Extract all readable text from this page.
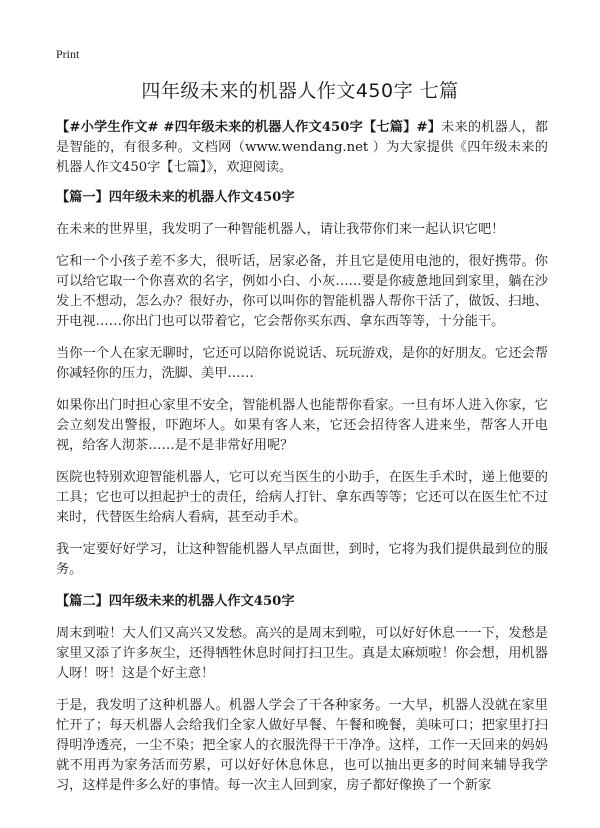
Print
四年级未来的机器人作文450字 七篇

【#小学生作文# #四年级未来的机器人作文450字【七篇】#】未来的机器人，都是智能的，有很多种。文档网（www.wendang.net ）为大家提供《四年级未来的机器人作文450字【七篇】》，欢迎阅读。

【篇一】四年级未来的机器人作文450字

在未来的世界里，我发明了一种智能机器人，请让我带你们来一起认识它吧！

它和一个小孩子差不多大，很听话，居家必备，并且它是使用电池的，很好携带。你可以给它取一个你喜欢的名字，例如小白、小灰……要是你疲惫地回到家里，躺在沙发上不想动，怎么办？很好办，你可以叫你的智能机器人帮你干活了，做饭、扫地、开电视……你出门也可以带着它，它会帮你买东西、拿东西等等，十分能干。

当你一个人在家无聊时，它还可以陪你说说话、玩玩游戏，是你的好朋友。它还会帮你减轻你的压力，洗脚、美甲……

如果你出门时担心家里不安全，智能机器人也能帮你看家。一旦有坏人进入你家，它会立刻发出警报，吓跑坏人。如果有客人来，它还会招待客人进来坐，帮客人开电视，给客人沏茶……是不是非常好用呢？

医院也特别欢迎智能机器人，它可以充当医生的小助手，在医生手术时，递上他要的工具；它也可以担起护士的责任，给病人打针、拿东西等等；它还可以在医生忙不过来时，代替医生给病人看病，甚至动手术。

我一定要好好学习，让这种智能机器人早点面世，到时，它将为我们提供最到位的服务。

【篇二】四年级未来的机器人作文450字

周末到啦！大人们又高兴又发愁。高兴的是周末到啦，可以好好休息一一下，发愁是家里又添了许多灰尘，还得牺牲休息时间打扫卫生。真是太麻烦啦！你会想，用机器人呀！呀！这是个好主意！

于是，我发明了这种机器人。机器人学会了干各种家务。一大早，机器人没就在家里忙开了；每天机器人会给我们全家人做好早餐、午餐和晚餐，美味可口；把家里打扫得明净透亮，一尘不染；把全家人的衣服洗得干干净净。这样，工作一天回来的妈妈就不用再为家务活而劳累，可以好好休息休息，也可以抽出更多的时间来辅导我学习，这样是件多么好的事情。每一次主人回到家，房子都好像换了一个新家
